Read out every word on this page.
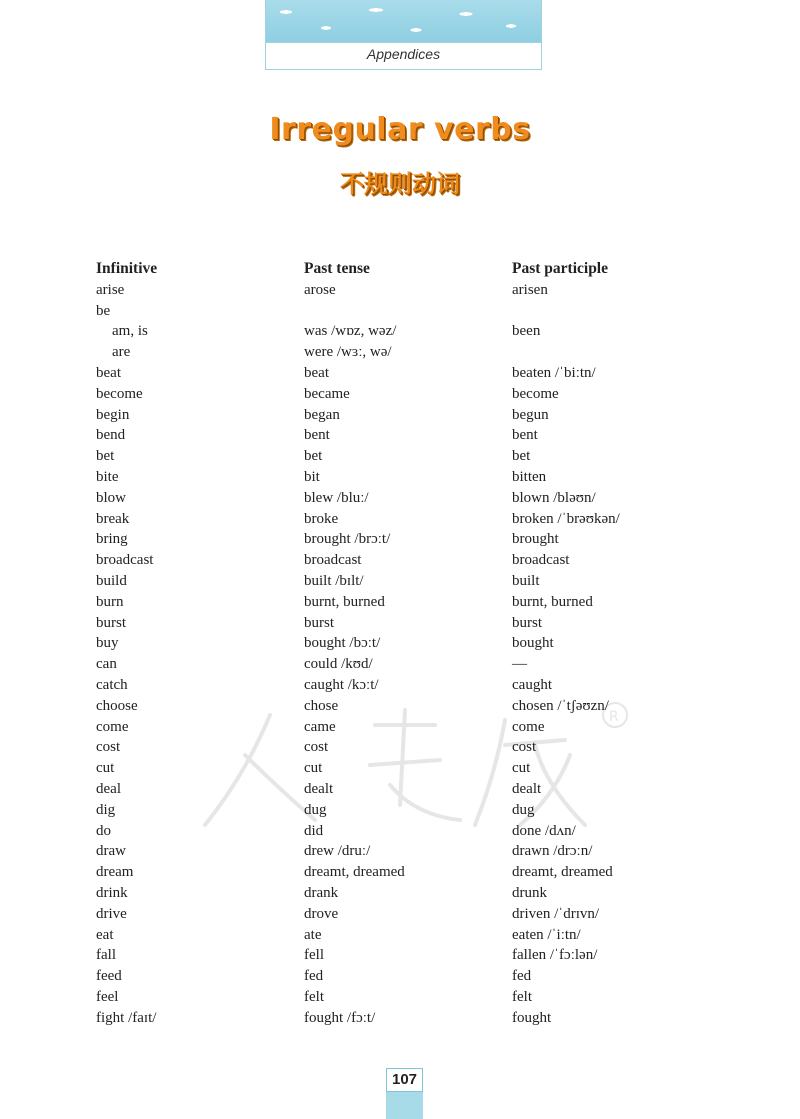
Appendices
Irregular verbs
不规则动词
R
Infinitive	Past tense	Past participle
arise	arose	arisen
be
am, is	was /wɒz, wəz/	been
are	were /wɜː, wə/
beat	beat	beaten /ˈbiːtn/
become	became	become
begin	began	begun
bend	bent	bent
bet	bet	bet
bite	bit	bitten
blow	blew /bluː/	blown /bləʊn/
break	broke	broken /ˈbrəʊkən/
bring	brought /brɔːt/	brought
broadcast	broadcast	broadcast
build	built /bɪlt/	built
burn	burnt, burned	burnt, burned
burst	burst	burst
buy	bought /bɔːt/	bought
can	could /kʊd/	—
catch	caught /kɔːt/	caught
choose	chose	chosen /ˈtʃəʊzn/
come	came	come
cost	cost	cost
cut	cut	cut
deal	dealt	dealt
dig	dug	dug
do	did	done /dʌn/
draw	drew /druː/	drawn /drɔːn/
dream	dreamt, dreamed	dreamt, dreamed
drink	drank	drunk
drive	drove	driven /ˈdrɪvn/
eat	ate	eaten /ˈiːtn/
fall	fell	fallen /ˈfɔːlən/
feed	fed	fed
feel	felt	felt
fight /faɪt/	fought /fɔːt/	fought
107
